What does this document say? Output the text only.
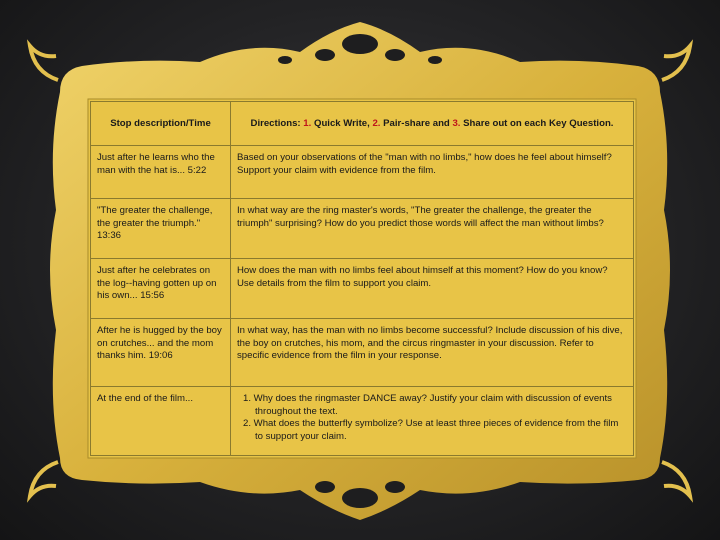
Stop description/Time	Directions: 1. Quick Write, 2. Pair-share and 3. Share out on each Key Question.
Just after he learns who the man with the hat is... 5:22	Based on your observations of the "man with no limbs," how does he feel about himself? Support your claim with evidence from the film.
"The greater the challenge, the greater the triumph." 13:36	In what way are the ring master's words, "The greater the challenge, the greater the triumph" surprising? How do you predict those words will affect the man without limbs?
Just after he celebrates on the log--having gotten up on his own... 15:56	How does the man with no limbs feel about himself at this moment? How do you know? Use details from the film to support you claim.
After he is hugged by the boy on crutches... and the mom thanks him. 19:06	In what way, has the man with no limbs become successful? Include discussion of his dive, the boy on crutches, his mom, and the circus ringmaster in your discussion. Refer to specific evidence from the film in your response.
At the end of the film...	1. Why does the ringmaster DANCE away? Justify your claim with discussion of events throughout the text.
2. What does the butterfly symbolize? Use at least three pieces of evidence from the film to support your claim.
